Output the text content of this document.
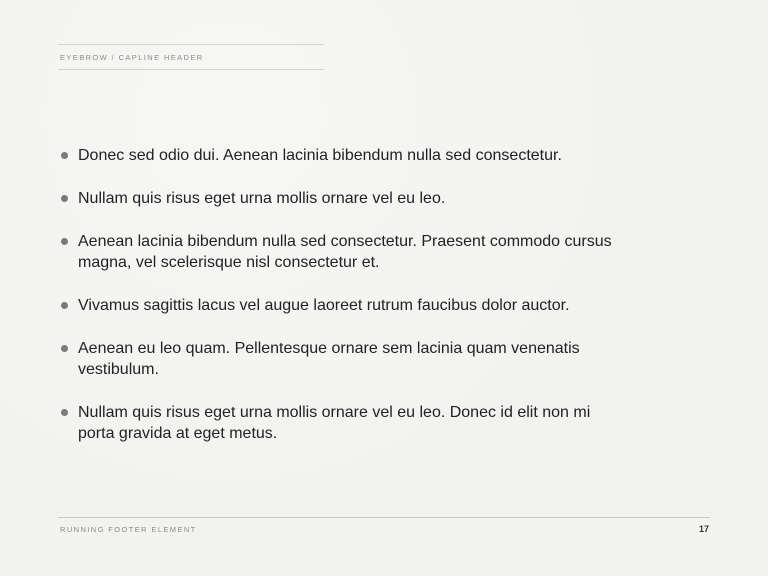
EYEBROW / CAPLINE HEADER
Donec sed odio dui. Aenean lacinia bibendum nulla sed consectetur.
Nullam quis risus eget urna mollis ornare vel eu leo.
Aenean lacinia bibendum nulla sed consectetur. Praesent commodo cursus magna, vel scelerisque nisl consectetur et.
Vivamus sagittis lacus vel augue laoreet rutrum faucibus dolor auctor.
Aenean eu leo quam. Pellentesque ornare sem lacinia quam venenatis vestibulum.
Nullam quis risus eget urna mollis ornare vel eu leo. Donec id elit non mi porta gravida at eget metus.
RUNNING FOOTER ELEMENT	17
